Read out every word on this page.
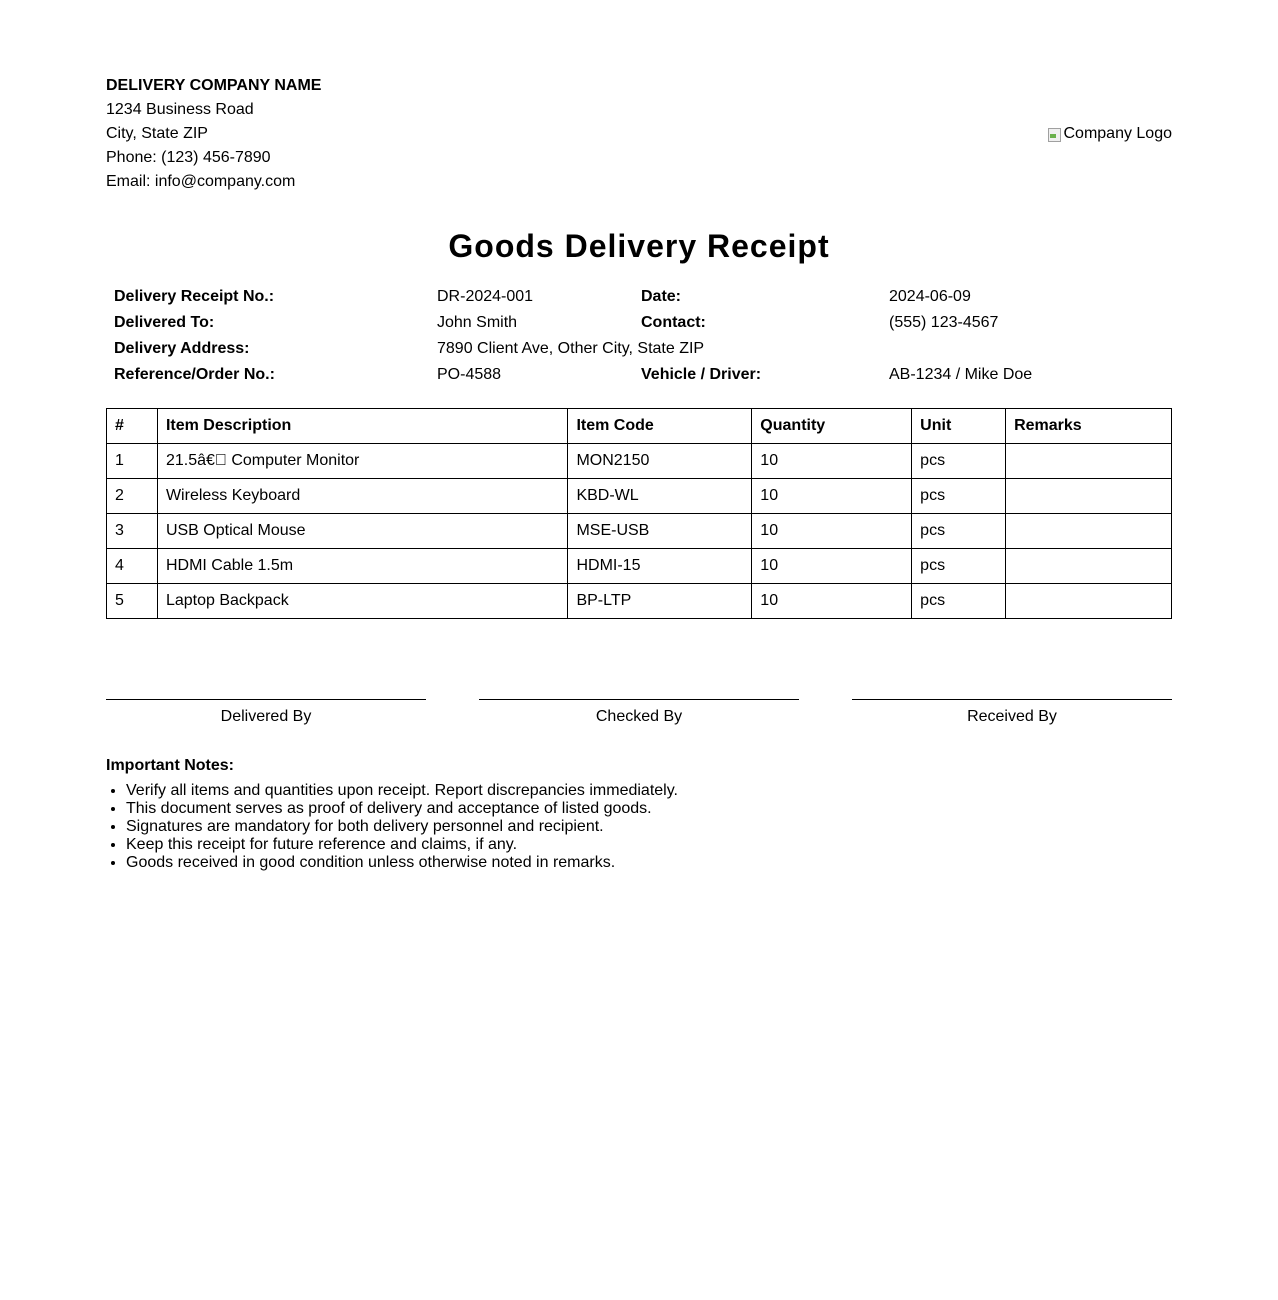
DELIVERY COMPANY NAME
1234 Business Road
City, State ZIP
Phone: (123) 456-7890
Email: info@company.com
Company Logo
Goods Delivery Receipt
Delivery Receipt No.:	DR-2024-001	Date:	2024-06-09
Delivered To:	John Smith	Contact:	(555) 123-4567
Delivery Address:	7890 Client Ave, Other City, State ZIP		
Reference/Order No.:	PO-4588	Vehicle / Driver:	AB-1234 / Mike Doe
#	Item Description	Item Code	Quantity	Unit	Remarks
1	21.5â€  Computer Monitor	MON2150	10	pcs	
2	Wireless Keyboard	KBD-WL	10	pcs	
3	USB Optical Mouse	MSE-USB	10	pcs	
4	HDMI Cable 1.5m	HDMI-15	10	pcs	
5	Laptop Backpack	BP-LTP	10	pcs	
Delivered By	Checked By	Received By
Important Notes:
• Verify all items and quantities upon receipt. Report discrepancies immediately.
• This document serves as proof of delivery and acceptance of listed goods.
• Signatures are mandatory for both delivery personnel and recipient.
• Keep this receipt for future reference and claims, if any.
• Goods received in good condition unless otherwise noted in remarks.
